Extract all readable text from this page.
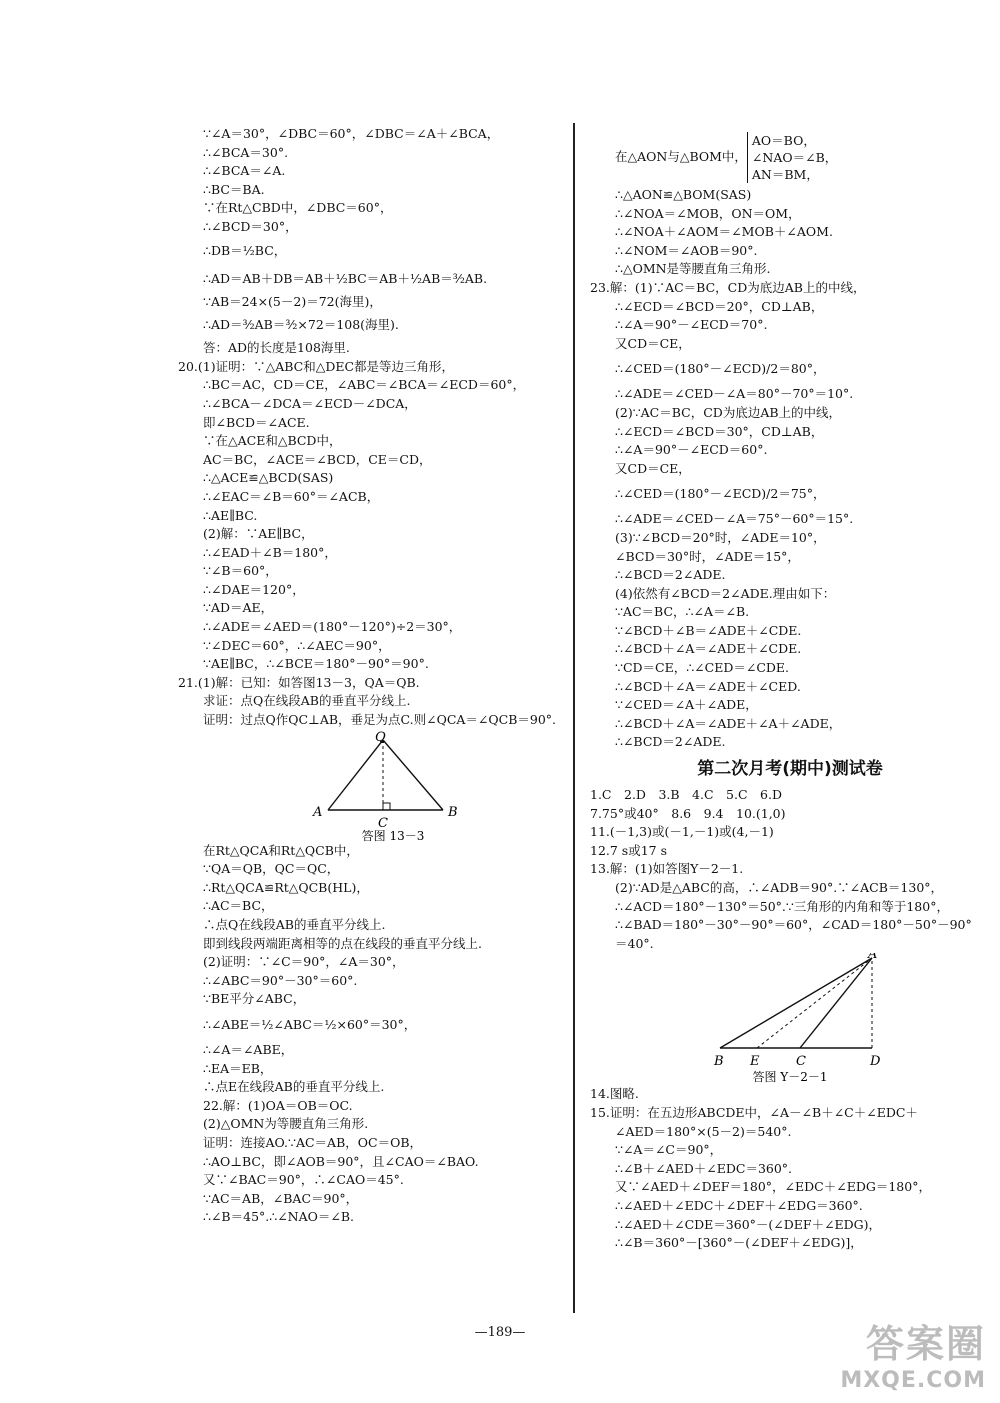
∵∠A＝30°，∠DBC＝60°，∠DBC＝∠A＋∠BCA，
∴∠BCA＝30°.
∴∠BCA＝∠A.
∴BC＝BA.
∵在Rt△CBD中，∠DBC＝60°，
∴∠BCD＝30°，
∴DB＝½BC，
∴AD＝AB＋DB＝AB＋½BC＝AB＋½AB＝³⁄₂AB.
∵AB＝24×(5－2)＝72(海里)，
∴AD＝³⁄₂AB＝³⁄₂×72＝108(海里).
答：AD的长度是108海里.
20.(1)证明：∵△ABC和△DEC都是等边三角形，
∴BC＝AC，CD＝CE，∠ABC＝∠BCA＝∠ECD＝60°，
∴∠BCA－∠DCA＝∠ECD－∠DCA，
即∠BCD＝∠ACE.
∵在△ACE和△BCD中，
AC＝BC，∠ACE＝∠BCD，CE＝CD，
∴△ACE≌△BCD(SAS)
∴∠EAC＝∠B＝60°＝∠ACB，
∴AE∥BC.
(2)解：∵AE∥BC，
∴∠EAD＋∠B＝180°，
∵∠B＝60°，
∴∠DAE＝120°，
∵AD＝AE，
∴∠ADE＝∠AED＝(180°－120°)÷2＝30°，
∵∠DEC＝60°，∴∠AEC＝90°，
∵AE∥BC，∴∠BCE＝180°－90°＝90°.
21.(1)解：已知：如答图13－3，QA＝QB.
求证：点Q在线段AB的垂直平分线上.
证明：过点Q作QC⊥AB，垂足为点C.则∠QCA＝∠QCB＝90°.
Q
A	B
C
答图 13－3
在Rt△QCA和Rt△QCB中，
∵QA＝QB，QC＝QC，
∴Rt△QCA≌Rt△QCB(HL)，
∴AC＝BC，
∴点Q在线段AB的垂直平分线上.
即到线段两端距离相等的点在线段的垂直平分线上.
(2)证明：∵∠C＝90°，∠A＝30°，
∴∠ABC＝90°－30°＝60°.
∵BE平分∠ABC，
∴∠ABE＝½∠ABC＝½×60°＝30°，
∴∠A＝∠ABE，
∴EA＝EB，
∴点E在线段AB的垂直平分线上.
22.解：(1)OA＝OB＝OC.
(2)△OMN为等腰直角三角形.
证明：连接AO.∵AC＝AB，OC＝OB，
∴AO⊥BC，即∠AOB＝90°，且∠CAO＝∠BAO.
又∵∠BAC＝90°，∴∠CAO＝45°.
∵AC＝AB，∠BAC＝90°，
∴∠B＝45°.∴∠NAO＝∠B.
在△AON与△BOM中，
AO＝BO，
∠NAO＝∠B，
AN＝BM，
∴△AON≌△BOM(SAS)
∴∠NOA＝∠MOB，ON＝OM，
∴∠NOA＋∠AOM＝∠MOB＋∠AOM.
∴∠NOM＝∠AOB＝90°.
∴△OMN是等腰直角三角形.
23.解：(1)∵AC＝BC，CD为底边AB上的中线，
∴∠ECD＝∠BCD＝20°，CD⊥AB，
∴∠A＝90°－∠ECD＝70°.
又CD＝CE，
∴∠CED＝(180°－∠ECD)/2＝80°，
∴∠ADE＝∠CED－∠A＝80°－70°＝10°.
(2)∵AC＝BC，CD为底边AB上的中线，
∴∠ECD＝∠BCD＝30°，CD⊥AB，
∴∠A＝90°－∠ECD＝60°.
又CD＝CE，
∴∠CED＝(180°－∠ECD)/2＝75°，
∴∠ADE＝∠CED－∠A＝75°－60°＝15°.
(3)∵∠BCD＝20°时，∠ADE＝10°，
∠BCD＝30°时，∠ADE＝15°，
∴∠BCD＝2∠ADE.
(4)依然有∠BCD＝2∠ADE.理由如下：
∵AC＝BC，∴∠A＝∠B.
∵∠BCD＋∠B＝∠ADE＋∠CDE.
∴∠BCD＋∠A＝∠ADE＋∠CDE.
∵CD＝CE，∴∠CED＝∠CDE.
∴∠BCD＋∠A＝∠ADE＋∠CED.
∵∠CED＝∠A＋∠ADE，
∴∠BCD＋∠A＝∠ADE＋∠A＋∠ADE，
∴∠BCD＝2∠ADE.
第二次月考(期中)测试卷
1.C　2.D　3.B　4.C　5.C　6.D
7.75°或40°　8.6　9.4　10.(1,0)
11.(－1,3)或(－1,－1)或(4,－1)
12.7 s或17 s
13.解：(1)如答图Y－2－1.
(2)∵AD是△ABC的高，∴∠ADB＝90°.∵∠ACB＝130°，
∴∠ACD＝180°－130°＝50°.∵三角形的内角和等于180°，
∴∠BAD＝180°－30°－90°＝60°，∠CAD＝180°－50°－90°
＝40°.
A
B E	C	D
答图 Y－2－1
14.图略.
15.证明：在五边形ABCDE中，∠A－∠B＋∠C＋∠EDC＋
∠AED＝180°×(5－2)＝540°.
∵∠A＝∠C＝90°，
∴∠B＋∠AED＋∠EDC＝360°.
又∵∠AED＋∠DEF＝180°，∠EDC＋∠EDG＝180°，
∴∠AED＋∠EDC＋∠DEF＋∠EDG＝360°.
∴∠AED＋∠CDE＝360°－(∠DEF＋∠EDG)，
∴∠B＝360°－[360°－(∠DEF＋∠EDG)]，
—189—	答案圈
MXQE.COM
